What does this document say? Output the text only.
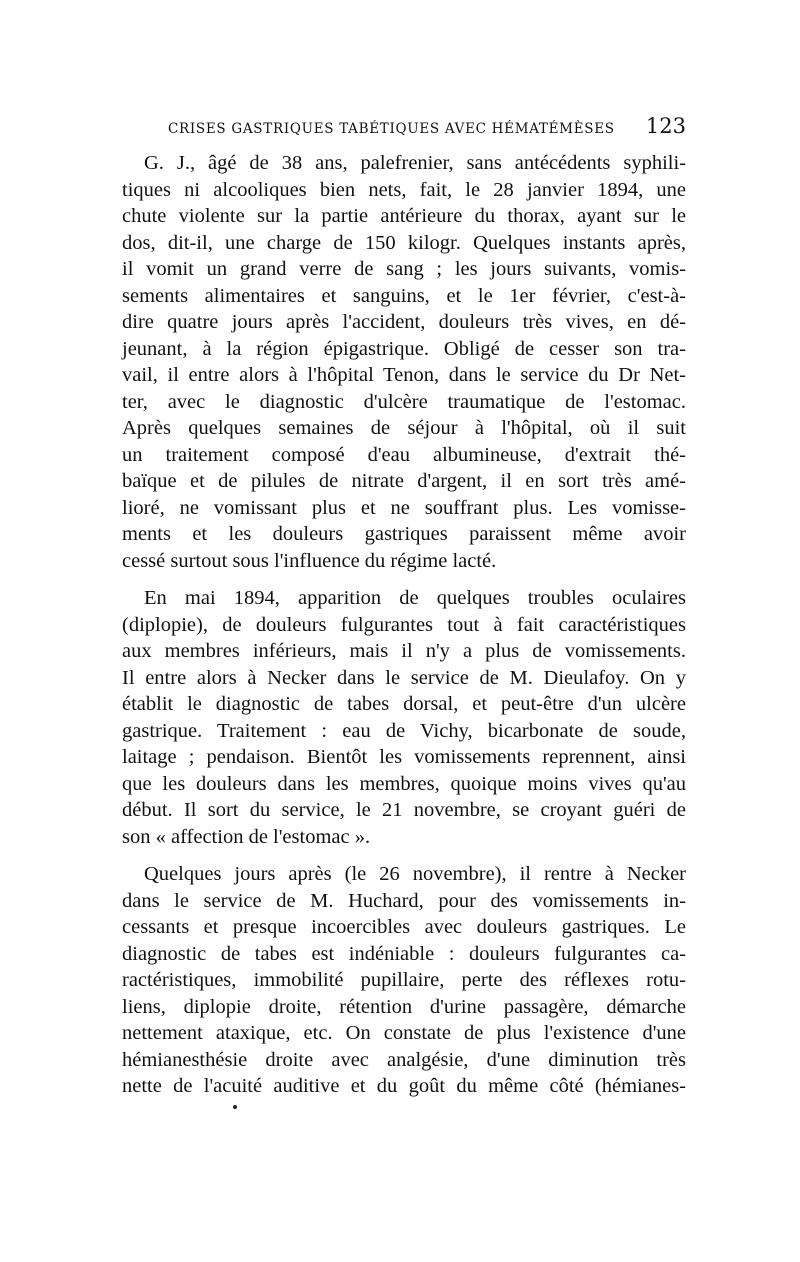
CRISES GASTRIQUES TABÉTIQUES AVEC HÉMATÉMÈSES 123
G. J., âgé de 38 ans, palefrenier, sans antécédents syphili-
tiques ni alcooliques bien nets, fait, le 28 janvier 1894, une
chute violente sur la partie antérieure du thorax, ayant sur le
dos, dit-il, une charge de 150 kilogr. Quelques instants après,
il vomit un grand verre de sang ; les jours suivants, vomis-
sements alimentaires et sanguins, et le 1er février, c'est-à-
dire quatre jours après l'accident, douleurs très vives, en dé-
jeunant, à la région épigastrique. Obligé de cesser son tra-
vail, il entre alors à l'hôpital Tenon, dans le service du Dr Net-
ter, avec le diagnostic d'ulcère traumatique de l'estomac.
Après quelques semaines de séjour à l'hôpital, où il suit
un traitement composé d'eau albumineuse, d'extrait thé-
baïque et de pilules de nitrate d'argent, il en sort très amé-
lioré, ne vomissant plus et ne souffrant plus. Les vomisse-
ments et les douleurs gastriques paraissent même avoir
cessé surtout sous l'influence du régime lacté.
En mai 1894, apparition de quelques troubles oculaires
(diplopie), de douleurs fulgurantes tout à fait caractéristiques
aux membres inférieurs, mais il n'y a plus de vomissements.
Il entre alors à Necker dans le service de M. Dieulafoy. On y
établit le diagnostic de tabes dorsal, et peut-être d'un ulcère
gastrique. Traitement : eau de Vichy, bicarbonate de soude,
laitage ; pendaison. Bientôt les vomissements reprennent, ainsi
que les douleurs dans les membres, quoique moins vives qu'au
début. Il sort du service, le 21 novembre, se croyant guéri de
son « affection de l'estomac ».
Quelques jours après (le 26 novembre), il rentre à Necker
dans le service de M. Huchard, pour des vomissements in-
cessants et presque incoercibles avec douleurs gastriques. Le
diagnostic de tabes est indéniable : douleurs fulgurantes ca-
ractéristiques, immobilité pupillaire, perte des réflexes rotu-
liens, diplopie droite, rétention d'urine passagère, démarche
nettement ataxique, etc. On constate de plus l'existence d'une
hémianesthésie droite avec analgésie, d'une diminution très
nette de l'acuité auditive et du goût du même côté (hémianes-
